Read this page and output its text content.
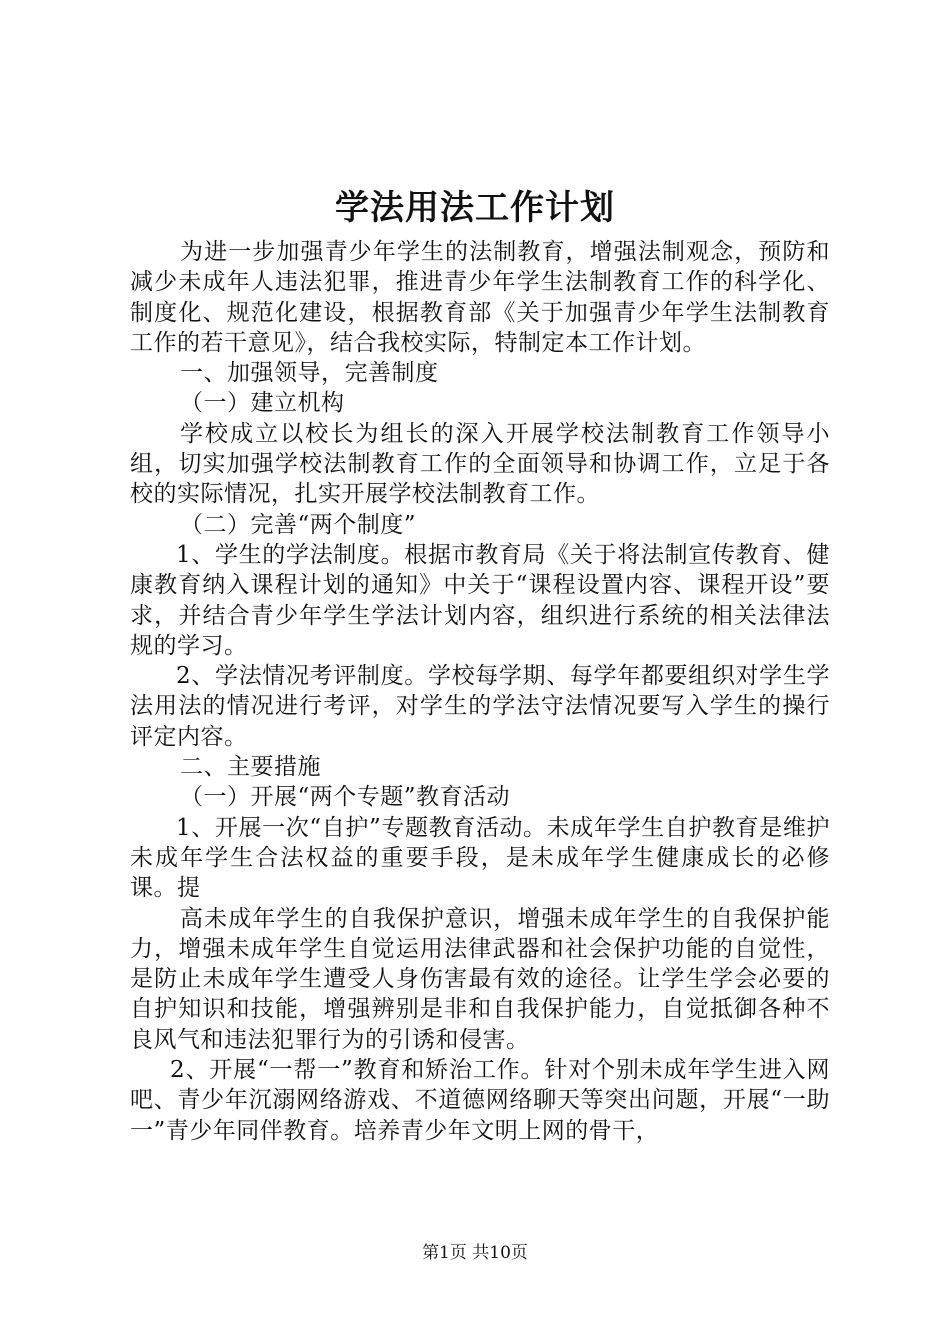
学法用法工作计划

为进一步加强青少年学生的法制教育，增强法制观念，预防和减少未成年人违法犯罪，推进青少年学生法制教育工作的科学化、制度化、规范化建设，根据教育部《关于加强青少年学生法制教育工作的若干意见》，结合我校实际，特制定本工作计划。

一、加强领导，完善制度

（一）建立机构

学校成立以校长为组长的深入开展学校法制教育工作领导小组，切实加强学校法制教育工作的全面领导和协调工作，立足于各校的实际情况，扎实开展学校法制教育工作。

（二）完善“两个制度”

1、学生的学法制度。根据市教育局《关于将法制宣传教育、健康教育纳入课程计划的通知》中关于“课程设置内容、课程开设”要求，并结合青少年学生学法计划内容，组织进行系统的相关法律法规的学习。

2、学法情况考评制度。学校每学期、每学年都要组织对学生学法用法的情况进行考评，对学生的学法守法情况要写入学生的操行评定内容。

二、主要措施

（一）开展“两个专题”教育活动

1、开展一次“自护”专题教育活动。未成年学生自护教育是维护未成年学生合法权益的重要手段，是未成年学生健康成长的必修课。提

高未成年学生的自我保护意识，增强未成年学生的自我保护能力，增强未成年学生自觉运用法律武器和社会保护功能的自觉性，是防止未成年学生遭受人身伤害最有效的途径。让学生学会必要的自护知识和技能，增强辨别是非和自我保护能力，自觉抵御各种不良风气和违法犯罪行为的引诱和侵害。

2、开展“一帮一”教育和矫治工作。针对个别未成年学生进入网吧、青少年沉溺网络游戏、不道德网络聊天等突出问题，开展“一助一”青少年同伴教育。培养青少年文明上网的骨干，

第1页 共10页
